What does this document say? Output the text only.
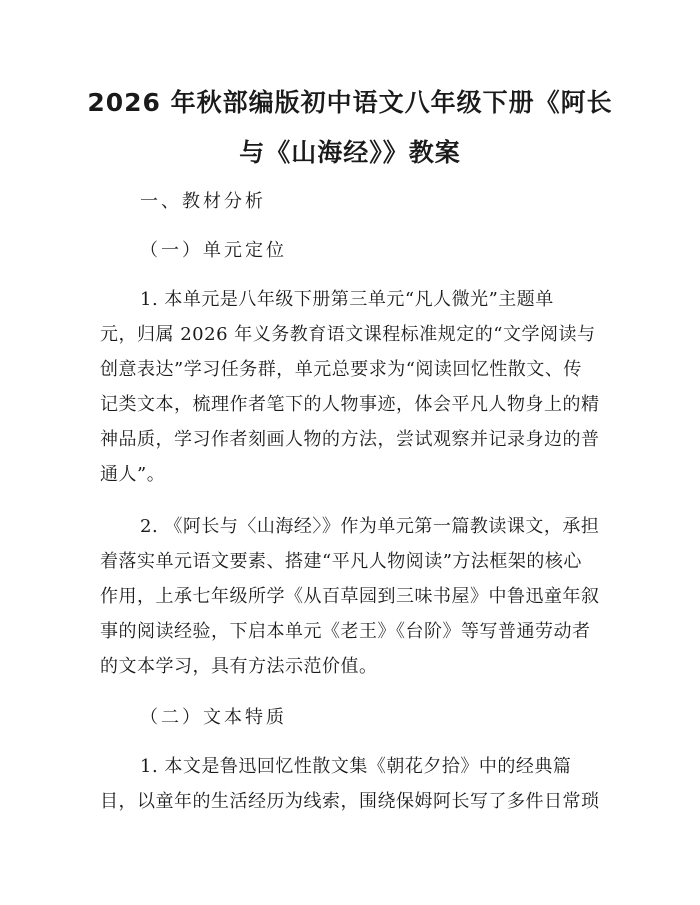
2026 年秋部编版初中语文八年级下册《阿长
与《山海经》》教案
一、教材分析
（一）单元定位
1. 本单元是八年级下册第三单元“凡人微光”主题单
元，归属 2026 年义务教育语文课程标准规定的“文学阅读与
创意表达”学习任务群，单元总要求为“阅读回忆性散文、传
记类文本，梳理作者笔下的人物事迹，体会平凡人物身上的精
神品质，学习作者刻画人物的方法，尝试观察并记录身边的普
通人”。
2. 《阿长与〈山海经〉》作为单元第一篇教读课文，承担
着落实单元语文要素、搭建“平凡人物阅读”方法框架的核心
作用，上承七年级所学《从百草园到三味书屋》中鲁迅童年叙
事的阅读经验，下启本单元《老王》《台阶》等写普通劳动者
的文本学习，具有方法示范价值。
（二）文本特质
1. 本文是鲁迅回忆性散文集《朝花夕拾》中的经典篇
目，以童年的生活经历为线索，围绕保姆阿长写了多件日常琐
